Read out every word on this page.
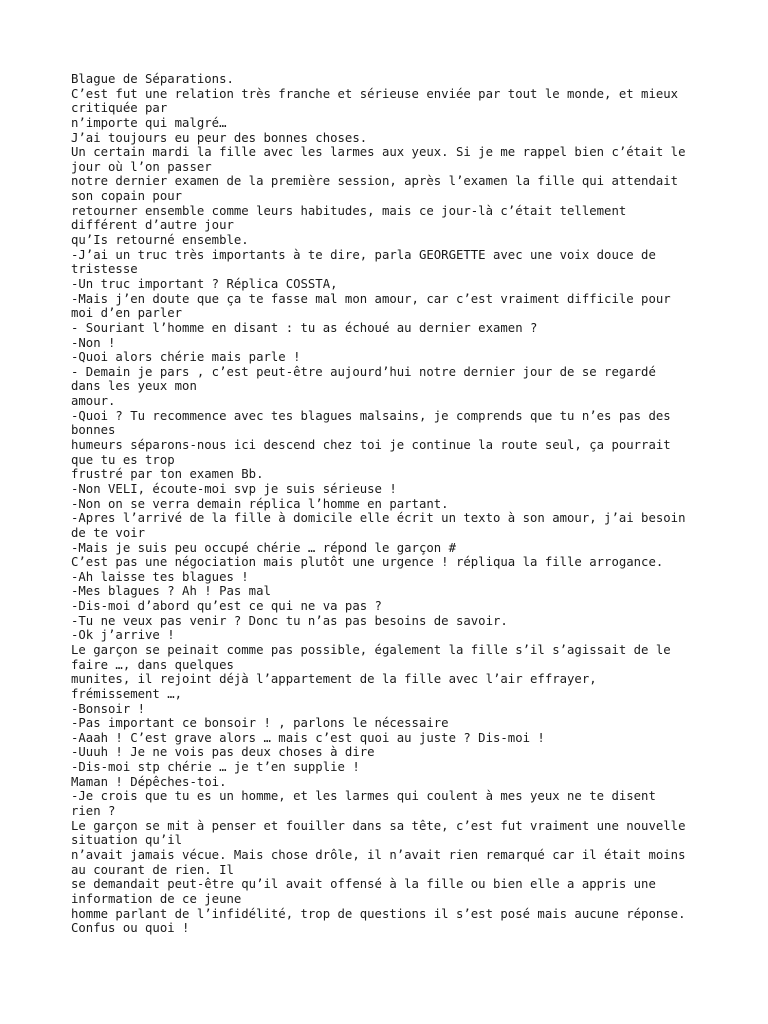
Blague de Séparations.
C’est fut une relation très franche et sérieuse enviée par tout le monde, et mieux
critiquée par
n’importe qui malgré…
J’ai toujours eu peur des bonnes choses.
Un certain mardi la fille avec les larmes aux yeux. Si je me rappel bien c’était le
jour où l’on passer
notre dernier examen de la première session, après l’examen la fille qui attendait
son copain pour
retourner ensemble comme leurs habitudes, mais ce jour-là c’était tellement
différent d’autre jour
qu’Is retourné ensemble.
-J’ai un truc très importants à te dire, parla GEORGETTE avec une voix douce de
tristesse
-Un truc important ? Réplica COSSTA,
-Mais j’en doute que ça te fasse mal mon amour, car c’est vraiment difficile pour
moi d’en parler
- Souriant l’homme en disant : tu as échoué au dernier examen ?
-Non !
-Quoi alors chérie mais parle !
- Demain je pars , c’est peut-être aujourd’hui notre dernier jour de se regardé
dans les yeux mon
amour.
-Quoi ? Tu recommence avec tes blagues malsains, je comprends que tu n’es pas des
bonnes
humeurs séparons-nous ici descend chez toi je continue la route seul, ça pourrait
que tu es trop
frustré par ton examen Bb.
-Non VELI, écoute-moi svp je suis sérieuse !
-Non on se verra demain réplica l’homme en partant.
-Apres l’arrivé de la fille à domicile elle écrit un texto à son amour, j’ai besoin
de te voir
-Mais je suis peu occupé chérie … répond le garçon #
C’est pas une négociation mais plutôt une urgence ! répliqua la fille arrogance.
-Ah laisse tes blagues !
-Mes blagues ? Ah ! Pas mal
-Dis-moi d’abord qu’est ce qui ne va pas ?
-Tu ne veux pas venir ? Donc tu n’as pas besoins de savoir.
-Ok j’arrive !
Le garçon se peinait comme pas possible, également la fille s’il s’agissait de le
faire …, dans quelques
munites, il rejoint déjà l’appartement de la fille avec l’air effrayer,
frémissement …,
-Bonsoir !
-Pas important ce bonsoir ! , parlons le nécessaire
-Aaah ! C’est grave alors … mais c’est quoi au juste ? Dis-moi !
-Uuuh ! Je ne vois pas deux choses à dire
-Dis-moi stp chérie … je t’en supplie !
Maman ! Dépêches-toi.
-Je crois que tu es un homme, et les larmes qui coulent à mes yeux ne te disent
rien ?
Le garçon se mit à penser et fouiller dans sa tête, c’est fut vraiment une nouvelle
situation qu’il
n’avait jamais vécue. Mais chose drôle, il n’avait rien remarqué car il était moins
au courant de rien. Il
se demandait peut-être qu’il avait offensé à la fille ou bien elle a appris une
information de ce jeune
homme parlant de l’infidélité, trop de questions il s’est posé mais aucune réponse.
Confus ou quoi !
